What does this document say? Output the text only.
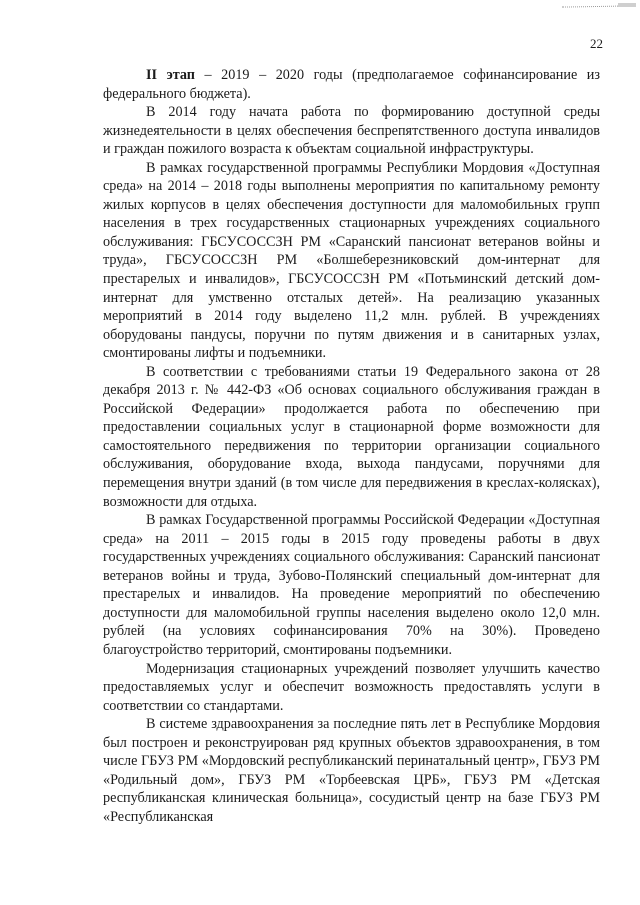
22

II этап – 2019 – 2020 годы (предполагаемое софинансирование из федерального бюджета).

В 2014 году начата работа по формированию доступной среды жизнедеятельности в целях обеспечения беспрепятственного доступа инвалидов и граждан пожилого возраста к объектам социальной инфраструктуры.

В рамках государственной программы Республики Мордовия «Доступная среда» на 2014 – 2018 годы выполнены мероприятия по капитальному ремонту жилых корпусов в целях обеспечения доступности для маломобильных групп населения в трех государственных стационарных учреждениях социального обслуживания: ГБСУСОССЗН РМ «Саранский пансионат ветеранов войны и труда», ГБСУСОССЗН РМ «Болшеберезниковский дом-интернат для престарелых и инвалидов», ГБСУСОССЗН РМ «Потьминский детский дом-интернат для умственно отсталых детей». На реализацию указанных мероприятий в 2014 году выделено 11,2 млн. рублей. В учреждениях оборудованы пандусы, поручни по путям движения и в санитарных узлах, смонтированы лифты и подъемники.

В соответствии с требованиями статьи 19 Федерального закона от 28 декабря 2013 г. № 442-ФЗ «Об основах социального обслуживания граждан в Российской Федерации» продолжается работа по обеспечению при предоставлении социальных услуг в стационарной форме возможности для самостоятельного передвижения по территории организации социального обслуживания, оборудование входа, выхода пандусами, поручнями для перемещения внутри зданий (в том числе для передвижения в креслах-колясках), возможности для отдыха.

В рамках Государственной программы Российской Федерации «Доступная среда» на 2011 – 2015 годы в 2015 году проведены работы в двух государственных учреждениях социального обслуживания: Саранский пансионат ветеранов войны и труда, Зубово-Полянский специальный дом-интернат для престарелых и инвалидов. На проведение мероприятий по обеспечению доступности для маломобильной группы населения выделено около 12,0 млн. рублей (на условиях софинансирования 70% на 30%). Проведено благоустройство территорий, смонтированы подъемники.

Модернизация стационарных учреждений позволяет улучшить качество предоставляемых услуг и обеспечит возможность предоставлять услуги в соответствии со стандартами.

В системе здравоохранения за последние пять лет в Республике Мордовия был построен и реконструирован ряд крупных объектов здравоохранения, в том числе ГБУЗ РМ «Мордовский республиканский перинатальный центр», ГБУЗ РМ «Родильный дом», ГБУЗ РМ «Торбеевская ЦРБ», ГБУЗ РМ «Детская республиканская клиническая больница», сосудистый центр на базе ГБУЗ РМ «Республиканская
